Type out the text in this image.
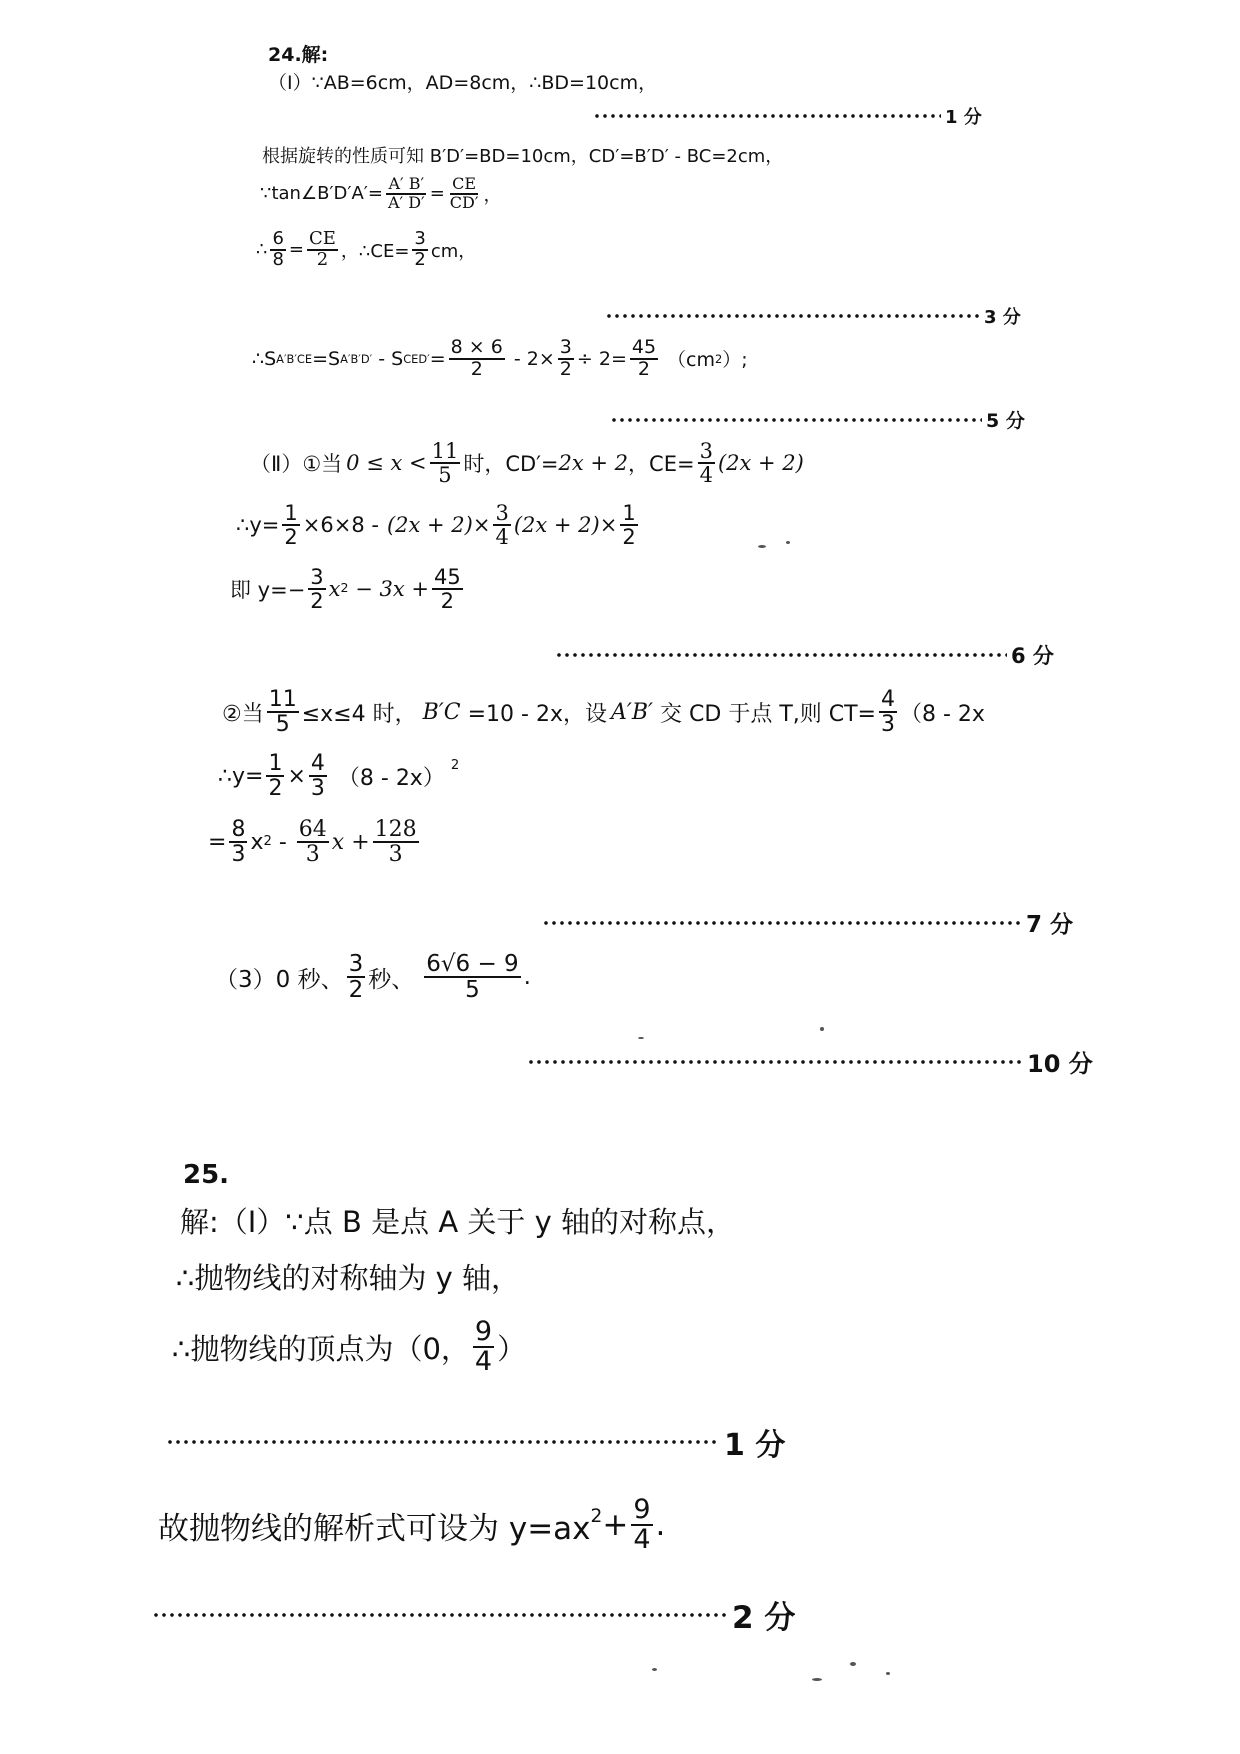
24.解:
（Ⅰ）∵AB=6cm，AD=8cm，∴BD=10cm，
1 分
根据旋转的性质可知 B′D′=BD=10cm，CD′=B′D′ - BC=2cm，
∵tan∠B′D′A′= $\frac{A' B'}{A' D'} = \frac{CE}{CD'}$ ，
∴ $\frac{6}{8} = \frac{CE}{2}$ ，∴CE= $\frac{3}{2}$ cm，
3 分
∴S A′B′CE =S A′B′D′ - S $CED' = \frac{8 \times 6}{2} - 2\times \frac{3}{2} \div 2= \frac{45}{2} (cm$ 2 ）;
5 分
（Ⅱ）①当 $0 \le x < \frac{11}{5}$ 时，CD′= 2x + 2 ，$CE= \frac{3}{4} (2x + 2)$
∴y= $\frac{1}{2} \times 6\times 8 - (2x + 2)\times \frac{3}{4} (2x + 2)\times \frac{1}{2}$
即 $y=- \frac{3}{2}$ x $2 - 3x + \frac{45}{2}$
6 分
②当 $\frac{11}{5} \le x\le 4$ 时， B′C =10 - 2x，设 A′B′ 交 CD 于点 T,则 $CT= \frac{4}{3} (8 - 2x$
∴y= $\frac{1}{2} \times \frac{4}{3} (8 - 2x)$
$^2$
= $\frac{8}{3}$ x $2 - \frac{64}{3}$ $x + \frac{128}{3}$
7 分
（3）0 秒、 $\frac{3}{2}$ 秒、 $\frac{6√6 - 9}{5}$ .
10 分
25.
解:（Ⅰ）∵点 B 是点 A 关于 y 轴的对称点，
∴抛物线的对称轴为 y 轴，
∴抛物线的顶点为（0， $\frac{9}{4}$ ）
1 分
故抛物线的解析式可设为 $y=ax^2 + \frac{9}{4}$ .
2 分
